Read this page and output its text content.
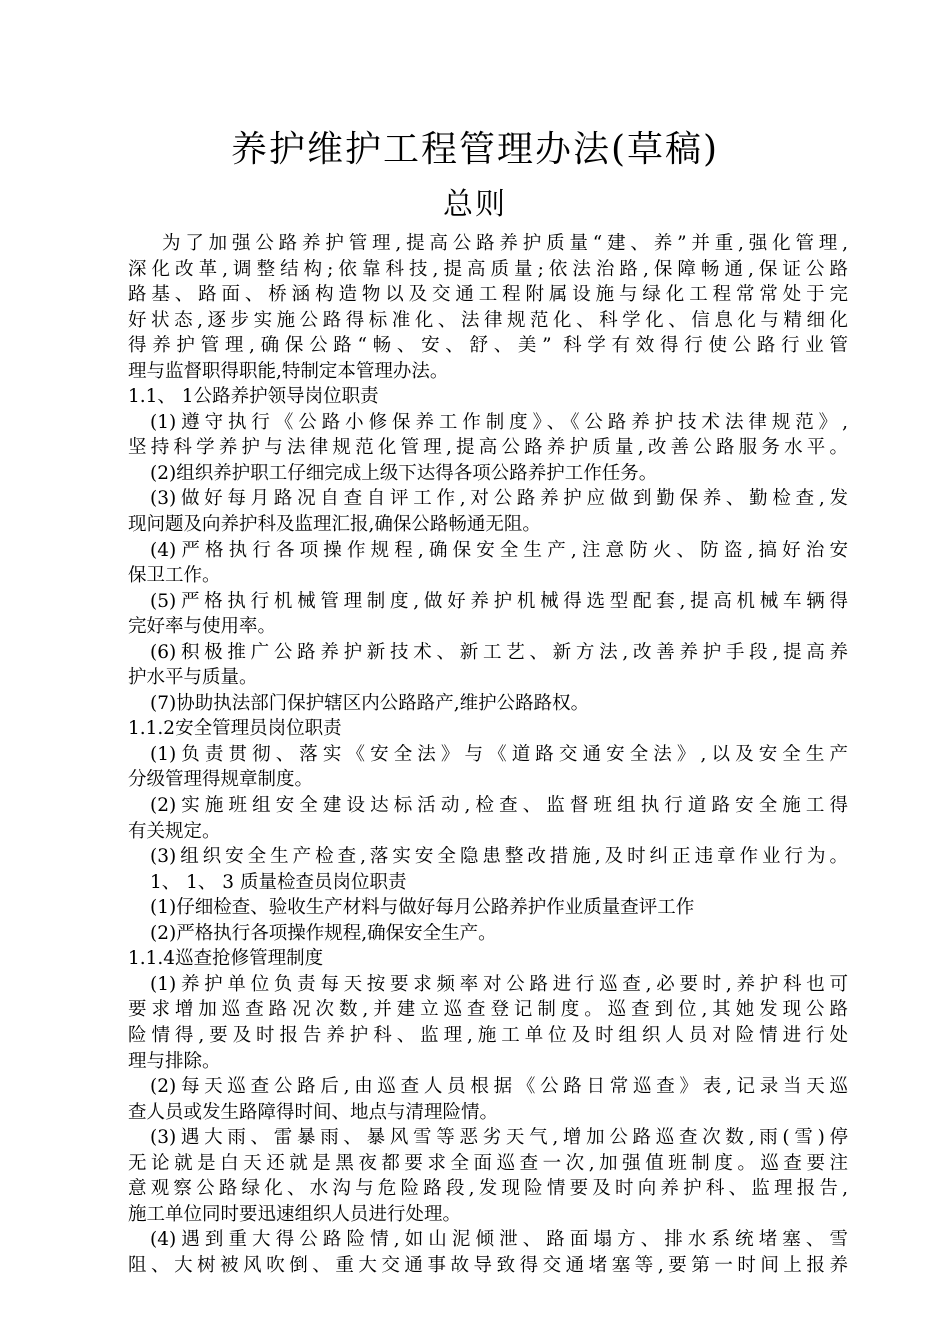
养护维护工程管理办法(草稿)
总则
为了加强公路养护管理,提高公路养护质量“建、养”并重,强化管理,
深化改革,调整结构;依靠科技,提高质量;依法治路,保障畅通,保证公路
路基、路面、桥涵构造物以及交通工程附属设施与绿化工程常常处于完
好状态,逐步实施公路得标准化、法律规范化、科学化、信息化与精细化
得养护管理,确保公路“畅、安、舒、美” 科学有效得行使公路行业管
理与监督职得职能,特制定本管理办法。
1.1、 1公路养护领导岗位职责
(1)遵守执行《公路小修保养工作制度》、《公路养护技术法律规范》,
坚持科学养护与法律规范化管理,提高公路养护质量,改善公路服务水平。
(2)组织养护职工仔细完成上级下达得各项公路养护工作任务。
(3)做好每月路况自查自评工作,对公路养护应做到勤保养、勤检查,发
现问题及向养护科及监理汇报,确保公路畅通无阻。
(4)严格执行各项操作规程,确保安全生产,注意防火、防盗,搞好治安
保卫工作。
(5)严格执行机械管理制度,做好养护机械得选型配套,提高机械车辆得
完好率与使用率。
(6)积极推广公路养护新技术、新工艺、新方法,改善养护手段,提高养
护水平与质量。
(7)协助执法部门保护辖区内公路路产,维护公路路权。
1.1.2安全管理员岗位职责
(1)负责贯彻、落实《安全法》与《道路交通安全法》,以及安全生产
分级管理得规章制度。
(2)实施班组安全建设达标活动,检查、监督班组执行道路安全施工得
有关规定。
(3)组织安全生产检查,落实安全隐患整改措施,及时纠正违章作业行为。
1、 1、 3 质量检查员岗位职责
(1)仔细检查、验收生产材料与做好每月公路养护作业质量查评工作
(2)严格执行各项操作规程,确保安全生产。
1.1.4巡查抢修管理制度
(1)养护单位负责每天按要求频率对公路进行巡查,必要时,养护科也可
要求增加巡查路况次数,并建立巡查登记制度。巡查到位,其她发现公路
险情得,要及时报告养护科、监理,施工单位及时组织人员对险情进行处
理与排除。
(2)每天巡查公路后,由巡查人员根据《公路日常巡查》表,记录当天巡
查人员或发生路障得时间、地点与清理险情。
(3)遇大雨、雷暴雨、暴风雪等恶劣天气,增加公路巡查次数,雨(雪)停
无论就是白天还就是黑夜都要求全面巡查一次,加强值班制度。巡查要注
意观察公路绿化、水沟与危险路段,发现险情要及时向养护科、监理报告,
施工单位同时要迅速组织人员进行处理。
(4)遇到重大得公路险情,如山泥倾泄、路面塌方、排水系统堵塞、雪
阻、大树被风吹倒、重大交通事故导致得交通堵塞等,要第一时间上报养
